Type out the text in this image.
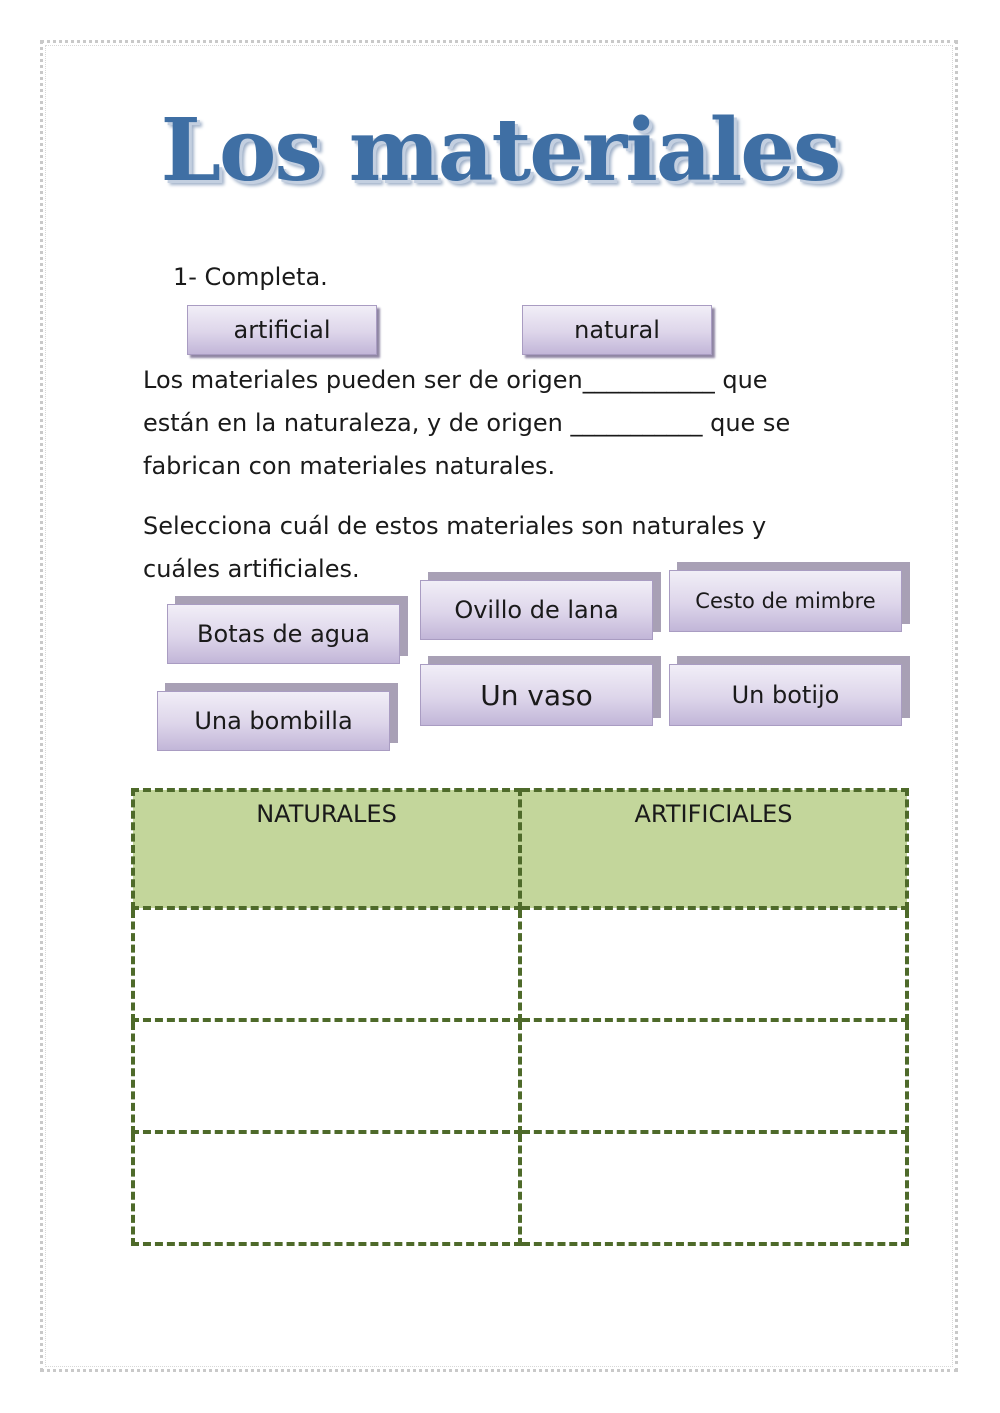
Los materiales
1- Completa.
artificial	natural
Los materiales pueden ser de origen___________ que
están en la naturaleza, y de origen ___________ que se
fabrican con materiales naturales.
Selecciona cuál de estos materiales son naturales y
cuáles artificiales.
Botas de agua
Ovillo de lana	Cesto de mimbre
Una bombilla
Un vaso	Un botijo
NATURALES	ARTIFICIALES
